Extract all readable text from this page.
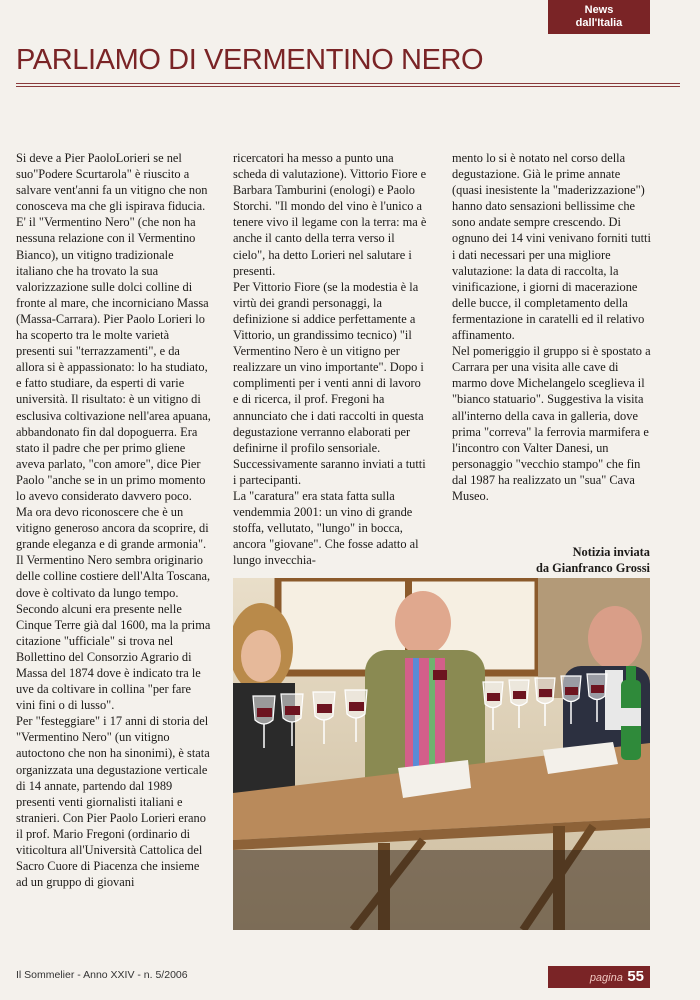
News
dall'Italia
PARLIAMO DI VERMENTINO NERO

Si deve a Pier PaoloLorieri se nel suo"Podere Scurtarola" è riuscito a salvare vent'anni fa un vitigno che non conosceva ma che gli ispirava fiducia. E' il "Vermentino Nero" (che non ha nessuna relazione con il Vermentino Bianco), un vitigno tradizionale italiano che ha trovato la sua valorizzazione sulle dolci colline di fronte al mare, che incorniciano Massa (Massa-Carrara). Pier Paolo Lorieri lo ha scoperto tra le molte varietà presenti sui "terrazzamenti", e da allora si è appassionato: lo ha studiato, e fatto studiare, da esperti di varie università. Il risultato: è un vitigno di esclusiva coltivazione nell'area apuana, abbandonato fin dal dopoguerra. Era stato il padre che per primo gliene aveva parlato, "con amore", dice Pier Paolo "anche se in un primo momento lo avevo considerato davvero poco. Ma ora devo riconoscere che è un vitigno generoso ancora da scoprire, di grande eleganza e di grande armonia".

Il Vermentino Nero sembra originario delle colline costiere dell'Alta Toscana, dove è coltivato da lungo tempo. Secondo alcuni era presente nelle Cinque Terre già dal 1600, ma la prima citazione "ufficiale" si trova nel Bollettino del Consorzio Agrario di Massa del 1874 dove è indicato tra le uve da coltivare in collina "per fare vini fini o di lusso".

Per "festeggiare" i 17 anni di storia del "Vermentino Nero" (un vitigno autoctono che non ha sinonimi), è stata organizzata una degustazione verticale di 14 annate, partendo dal 1989 presenti venti giornalisti italiani e stranieri. Con Pier Paolo Lorieri erano il prof. Mario Fregoni (ordinario di viticoltura all'Università Cattolica del Sacro Cuore di Piacenza che insieme ad un gruppo di giovani

ricercatori ha messo a punto una scheda di valutazione). Vittorio Fiore e Barbara Tamburini (enologi) e Paolo Storchi. "Il mondo del vino è l'unico a tenere vivo il legame con la terra: ma è anche il canto della terra verso il cielo", ha detto Lorieri nel salutare i presenti.

Per Vittorio Fiore (se la modestia è la virtù dei grandi personaggi, la definizione si addice perfettamente a Vittorio, un grandissimo tecnico) "il Vermentino Nero è un vitigno per realizzare un vino importante". Dopo i complimenti per i venti anni di lavoro e di ricerca, il prof. Fregoni ha annunciato che i dati raccolti in questa degustazione verranno elaborati per definirne il profilo sensoriale. Successivamente saranno inviati a tutti i partecipanti.

La "caratura" era stata fatta sulla vendemmia 2001: un vino di grande stoffa, vellutato, "lungo" in bocca, ancora "giovane". Che fosse adatto al lungo invecchia-

mento lo si è notato nel corso della degustazione. Già le prime annate (quasi inesistente la "maderizzazione") hanno dato sensazioni bellissime che sono andate sempre crescendo. Di ognuno dei 14 vini venivano forniti tutti i dati necessari per una migliore valutazione: la data di raccolta, la vinificazione, i giorni di macerazione delle bucce, il completamento della fermentazione in caratelli ed il relativo affinamento.

Nel pomeriggio il gruppo si è spostato a Carrara per una visita alle cave di marmo dove Michelangelo sceglieva il "bianco statuario". Suggestiva la visita all'interno della cava in galleria, dove prima "correva" la ferrovia marmifera e l'incontro con Valter Danesi, un personaggio "vecchio stampo" che fin dal 1987 ha realizzato un "sua" Cava Museo.

Notizia inviata
da Gianfranco Grossi
Il Sommelier - Anno XXIV - n. 5/2006	pagina 55
